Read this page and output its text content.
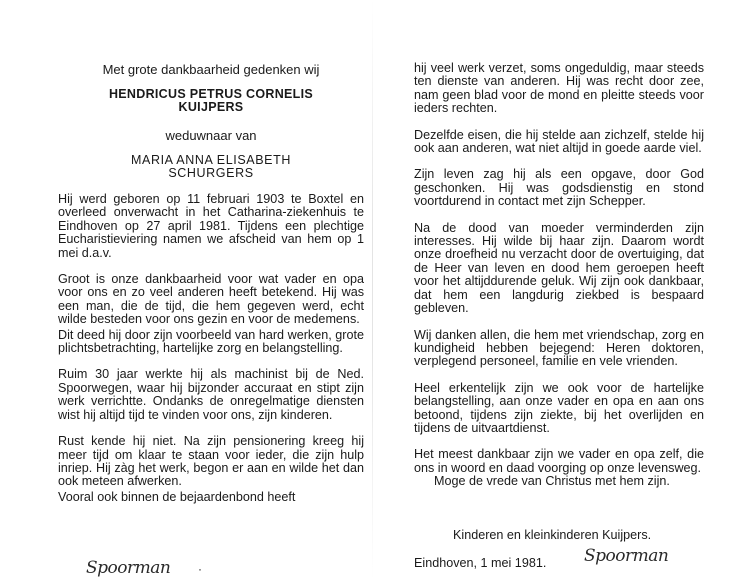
Met grote dankbaarheid gedenken wij
HENDRICUS PETRUS CORNELIS
KUIJPERS
weduwnaar van
MARIA ANNA ELISABETH
SCHURGERS

Hij werd geboren op 11 februari 1903 te Boxtel en overleed onverwacht in het Catharina-ziekenhuis te Eindhoven op 27 april 1981. Tijdens een plechtige Eucharistieviering namen we afscheid van hem op 1 mei d.a.v.

Groot is onze dankbaarheid voor wat vader en opa voor ons en zo veel anderen heeft betekend. Hij was een man, die de tijd, die hem gegeven werd, echt wilde besteden voor ons gezin en voor de medemens.

Dit deed hij door zijn voorbeeld van hard werken, grote plichtsbetrachting, hartelijke zorg en belangstelling.

Ruim 30 jaar werkte hij als machinist bij de Ned. Spoorwegen, waar hij bijzonder accuraat en stipt zijn werk verrichtte. Ondanks de onregelmatige diensten wist hij altijd tijd te vinden voor ons, zijn kinderen.

Rust kende hij niet. Na zijn pensionering kreeg hij meer tijd om klaar te staan voor ieder, die zijn hulp inriep. Hij zàg het werk, begon er aan en wilde het dan ook meteen afwerken.

Vooral ook binnen de bejaardenbond heeft

Spoorman ·

hij veel werk verzet, soms ongeduldig, maar steeds ten dienste van anderen. Hij was recht door zee, nam geen blad voor de mond en pleitte steeds voor ieders rechten.

Dezelfde eisen, die hij stelde aan zichzelf, stelde hij ook aan anderen, wat niet altijd in goede aarde viel.

Zijn leven zag hij als een opgave, door God geschonken. Hij was godsdienstig en stond voortdurend in contact met zijn Schepper.

Na de dood van moeder verminderden zijn interesses. Hij wilde bij haar zijn. Daarom wordt onze droefheid nu verzacht door de overtuiging, dat de Heer van leven en dood hem geroepen heeft voor het altijddurende geluk. Wij zijn ook dankbaar, dat hem een langdurig ziekbed is bespaard gebleven.

Wij danken allen, die hem met vriendschap, zorg en kundigheid hebben bejegend: Heren doktoren, verplegend personeel, familie en vele vrienden.

Heel erkentelijk zijn we ook voor de hartelijke belangstelling, aan onze vader en opa en aan ons betoond, tijdens zijn ziekte, bij het overlijden en tijdens de uitvaartdienst.

Het meest dankbaar zijn we vader en opa zelf, die ons in woord en daad voorging op onze levensweg.

Moge de vrede van Christus met hem zijn.

Kinderen en kleinkinderen Kuijpers.
Eindhoven, 1 mei 1981. Spoorman
